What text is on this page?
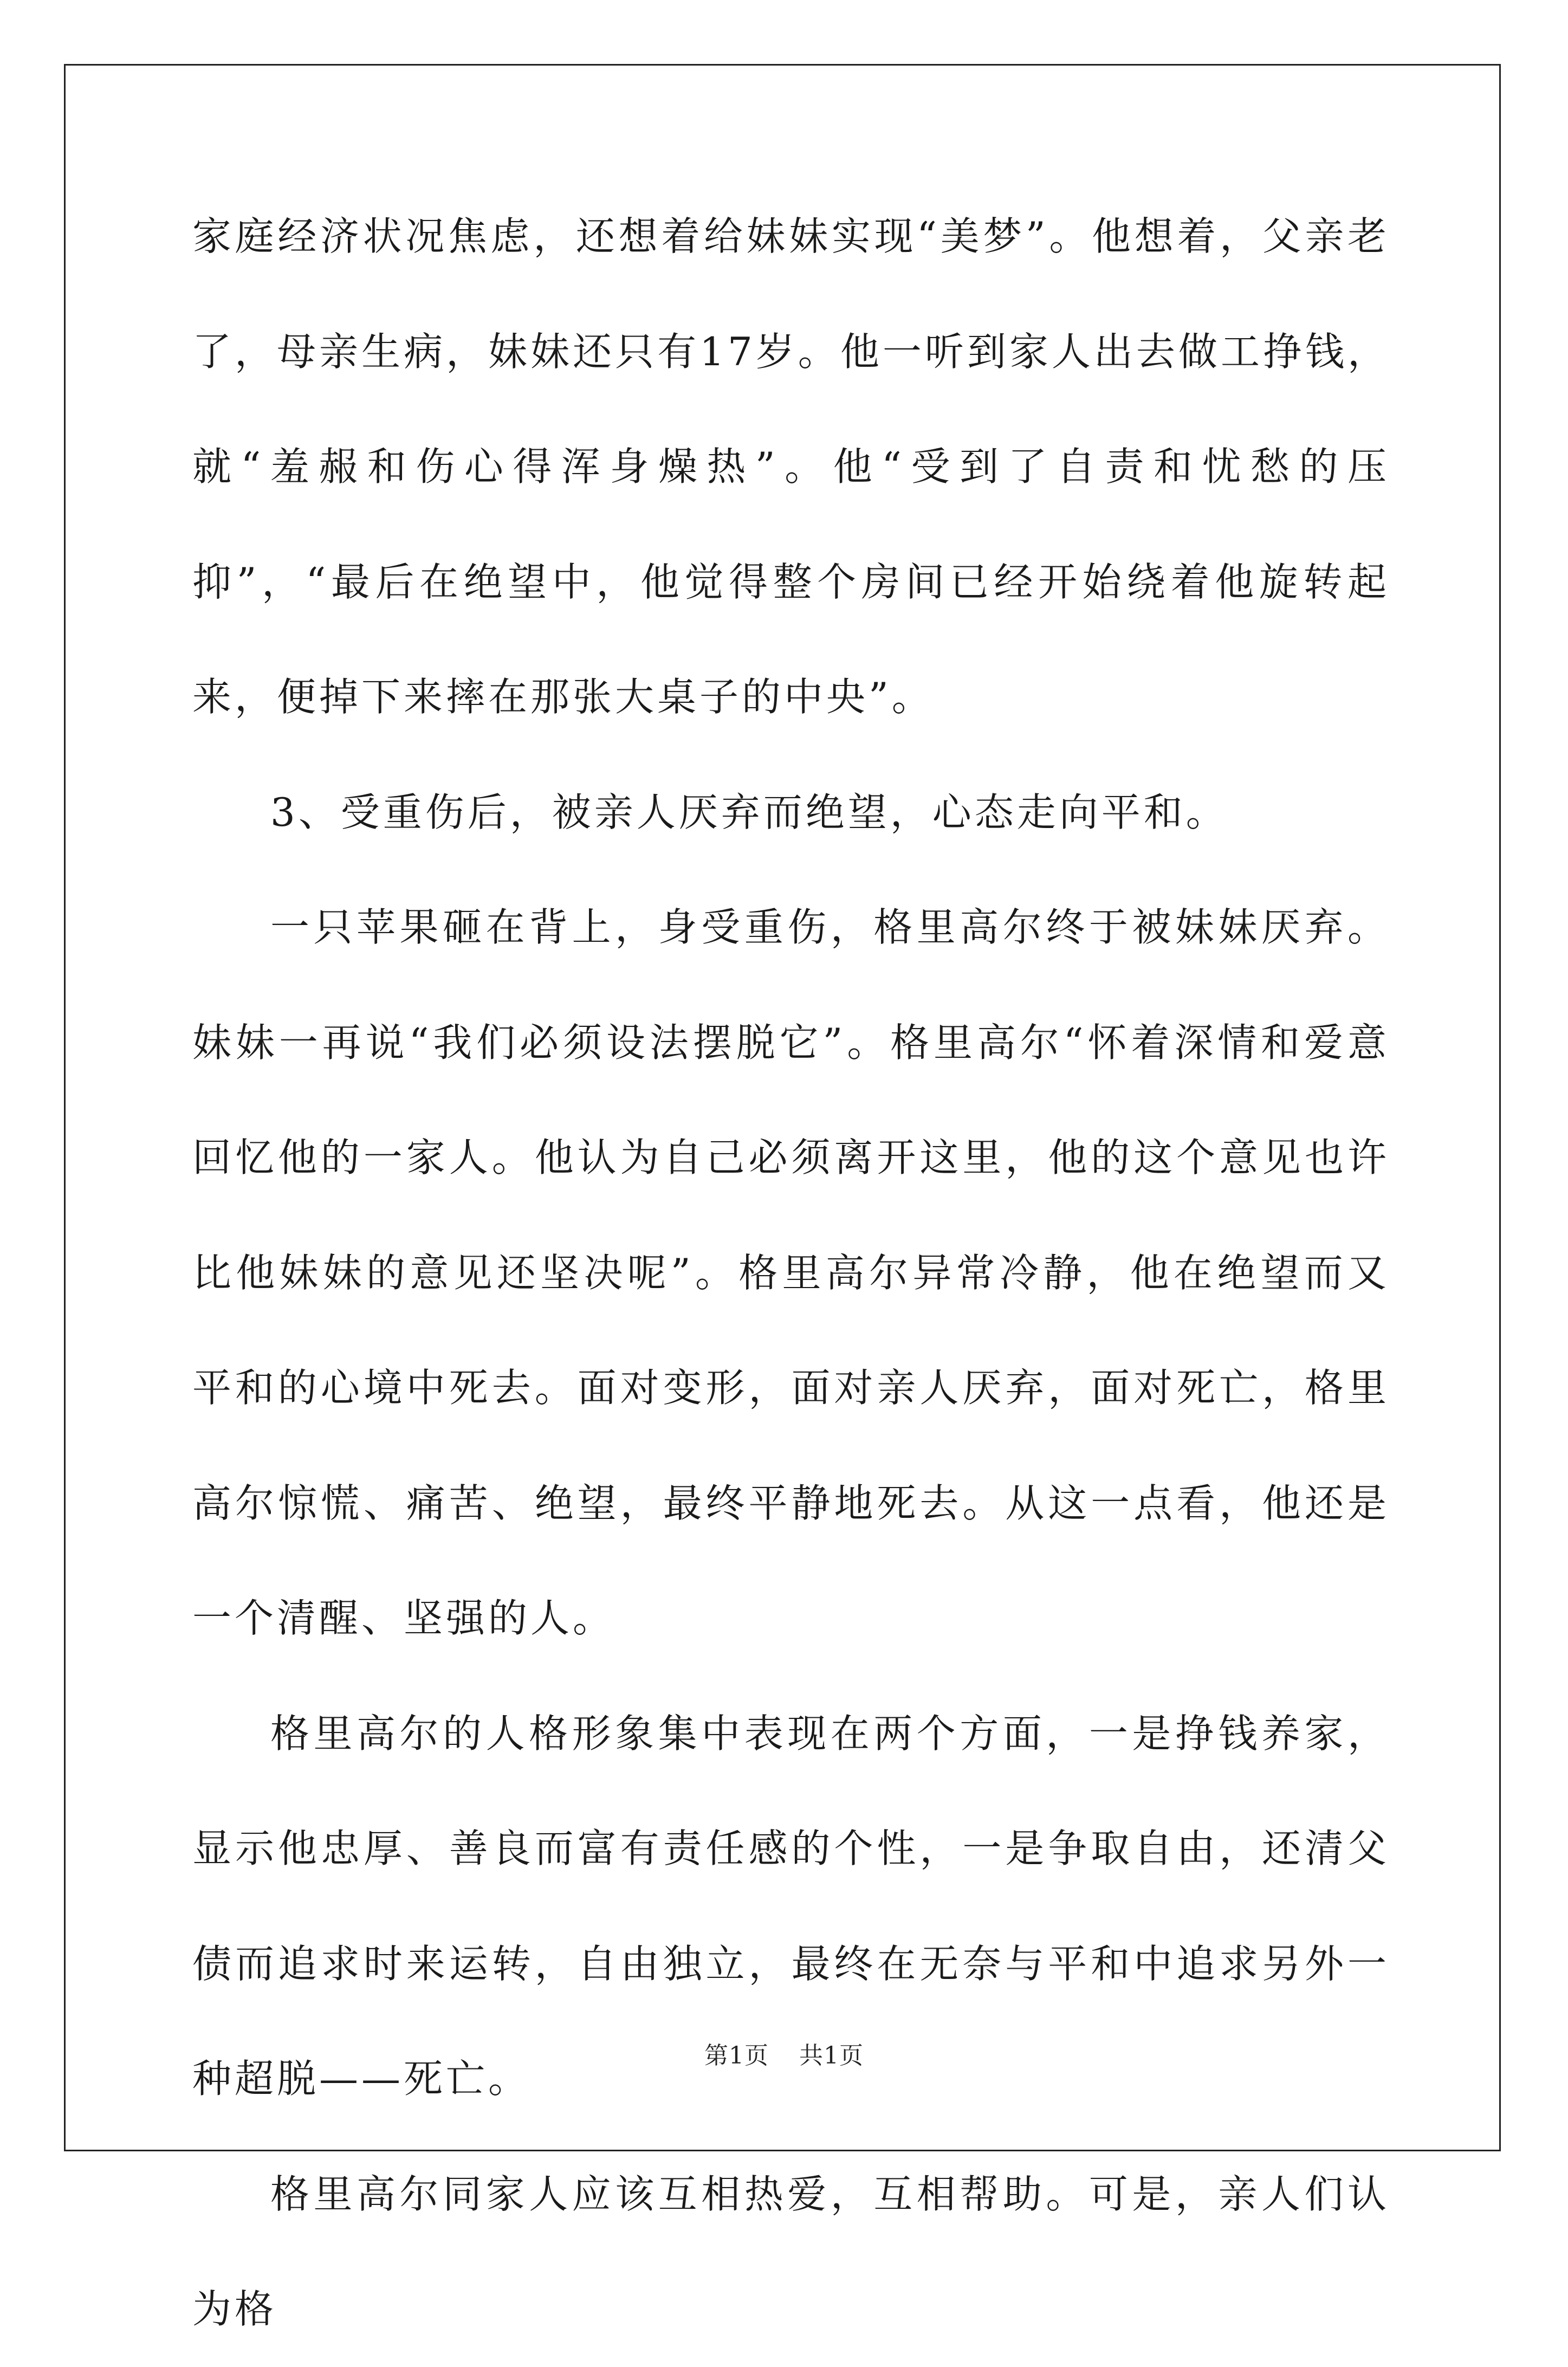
家庭经济状况焦虑，还想着给妹妹实现“美梦”。他想着，父亲老了，母亲生病，妹妹还只有17岁。他一听到家人出去做工挣钱，就“羞赧和伤心得浑身燥热”。他“受到了自责和忧愁的压抑”，“最后在绝望中，他觉得整个房间已经开始绕着他旋转起来，便掉下来摔在那张大桌子的中央”。

3、受重伤后，被亲人厌弃而绝望，心态走向平和。

一只苹果砸在背上，身受重伤，格里高尔终于被妹妹厌弃。妹妹一再说“我们必须设法摆脱它”。格里高尔“怀着深情和爱意回忆他的一家人。他认为自己必须离开这里，他的这个意见也许比他妹妹的意见还坚决呢”。格里高尔异常冷静，他在绝望而又平和的心境中死去。面对变形，面对亲人厌弃，面对死亡，格里高尔惊慌、痛苦、绝望，最终平静地死去。从这一点看，他还是一个清醒、坚强的人。

格里高尔的人格形象集中表现在两个方面，一是挣钱养家，显示他忠厚、善良而富有责任感的个性，一是争取自由，还清父债而追求时来运转，自由独立，最终在无奈与平和中追求另外一种超脱——死亡。

格里高尔同家人应该互相热爱，互相帮助。可是，亲人们认为格

第1页 共1页
